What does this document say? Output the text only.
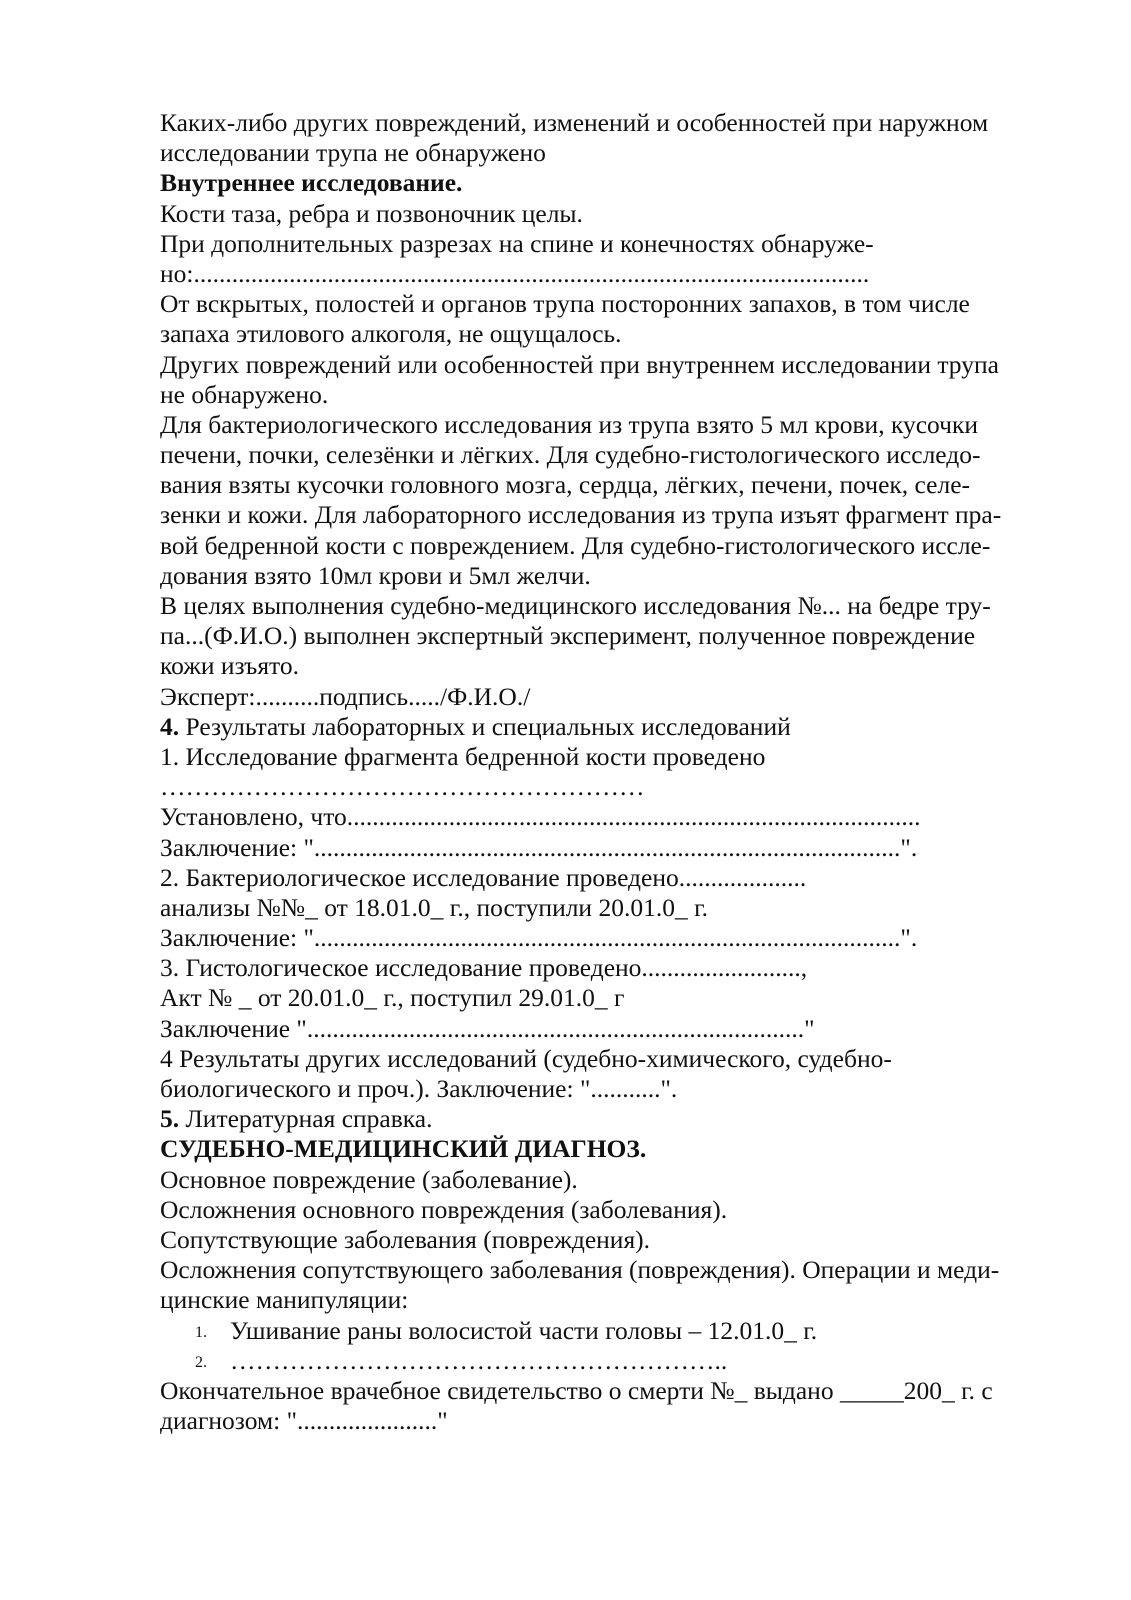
Каких-либо других повреждений, изменений и особенностей при наружном
исследовании трупа не обнаружено
Внутреннее исследование.
Кости таза, ребра и позвоночник целы.
При дополнительных разрезах на спине и конечностях обнаруже-
но:..........................................................................................................
От вскрытых, полостей и органов трупа посторонних запахов, в том числе
запаха этилового алкоголя, не ощущалось.
Других повреждений или особенностей при внутреннем исследовании трупа
не обнаружено.
Для бактериологического исследования из трупа взято 5 мл крови, кусочки
печени, почки, селезёнки и лёгких. Для судебно-гистологического исследо-
вания взяты кусочки головного мозга, сердца, лёгких, печени, почек, селе-
зенки и кожи. Для лабораторного исследования из трупа изъят фрагмент пра-
вой бедренной кости с повреждением. Для судебно-гистологического иссле-
дования взято 10мл крови и 5мл желчи.
В целях выполнения судебно-медицинского исследования №... на бедре тру-
па...(Ф.И.О.) выполнен экспертный эксперимент, полученное повреждение
кожи изъято.
Эксперт:..........подпись...../Ф.И.О./
4. Результаты лабораторных и специальных исследований
1. Исследование фрагмента бедренной кости проведено
…………………………………………………
Установлено, что..........................................................................................
Заключение: "............................................................................................".
2. Бактериологическое исследование проведено....................
анализы №№_ от 18.01.0_ г., поступили 20.01.0_ г.
Заключение: "............................................................................................".
3. Гистологическое исследование проведено.........................,
Акт № _ от 20.01.0_ г., поступил 29.01.0_ г
Заключение ".............................................................................."
4 Результаты других исследований (судебно-химического, судебно-
биологического и проч.). Заключение: "...........".
5. Литературная справка.
СУДЕБНО-МЕДИЦИНСКИЙ ДИАГНОЗ.
Основное повреждение (заболевание).
Осложнения основного повреждения (заболевания).
Сопутствующие заболевания (повреждения).
Осложнения сопутствующего заболевания (повреждения). Операции и меди-
цинские манипуляции:
1. Ушивание раны волосистой части головы – 12.01.0_ г.
2. …………………………………………………..
Окончательное врачебное свидетельство о смерти №_ выдано _____200_ г. с
диагнозом: "......................"
